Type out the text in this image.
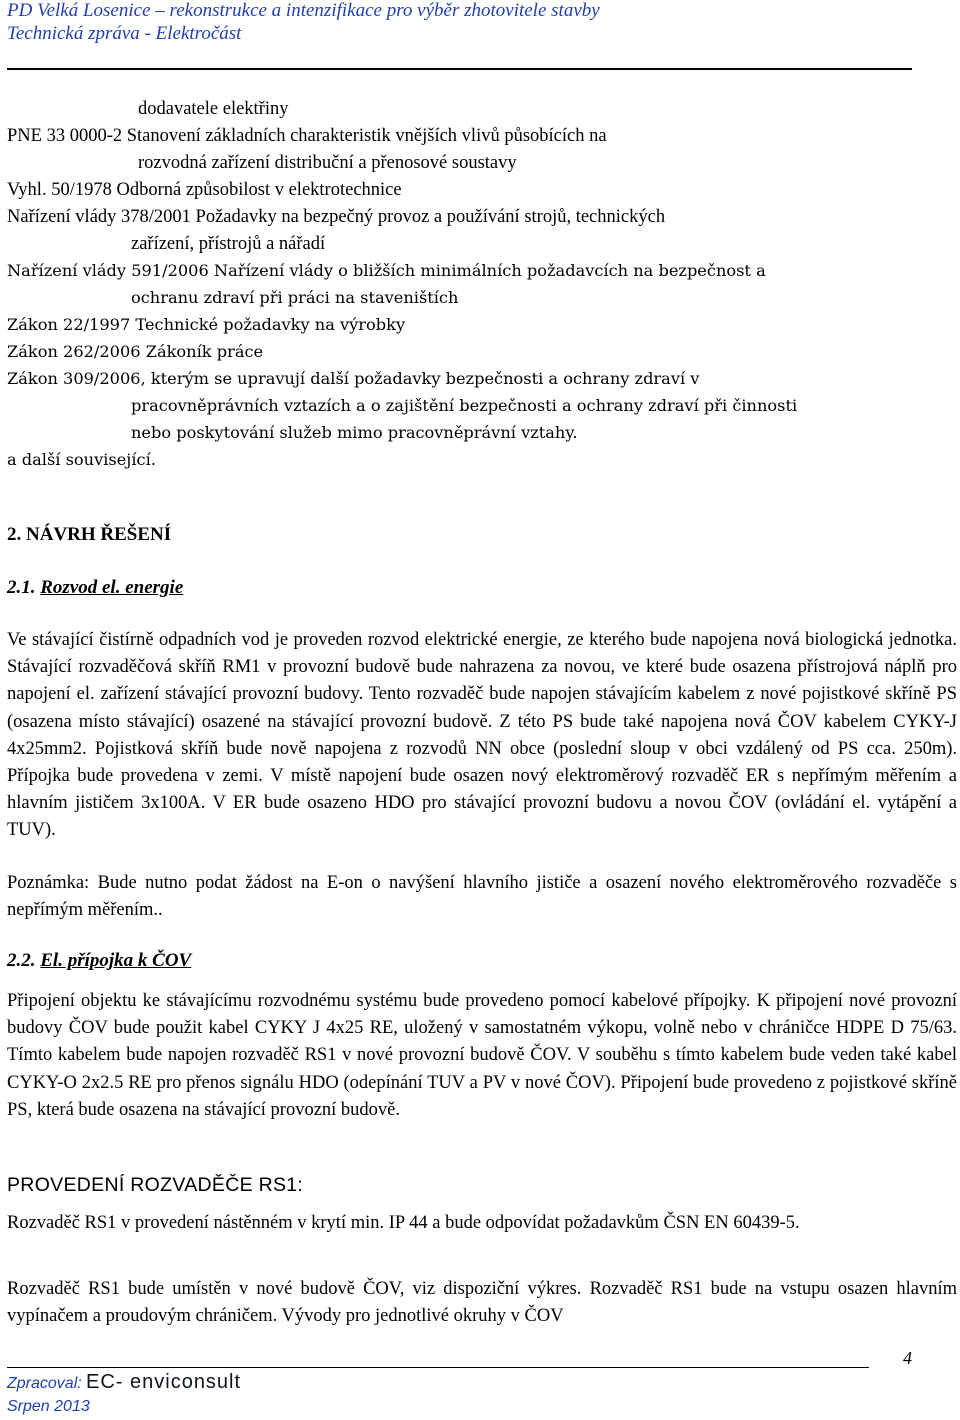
PD Velká Losenice – rekonstrukce a intenzifikace pro výběr zhotovitele stavby
Technická zpráva - Elektročást
dodavatele elektřiny
PNE 33 0000-2 Stanovení základních charakteristik vnějších vlivů působících na
rozvodná zařízení distribuční a přenosové soustavy
Vyhl. 50/1978 Odborná způsobilost v elektrotechnice
Nařízení vlády 378/2001 Požadavky na bezpečný provoz a používání strojů, technických
zařízení, přístrojů a nářadí
Nařízení vlády 591/2006 Nařízení vlády o bližších minimálních požadavcích na bezpečnost a
ochranu zdraví při práci na staveništích
Zákon 22/1997 Technické požadavky na výrobky
Zákon 262/2006 Zákoník práce
Zákon 309/2006, kterým se upravují další požadavky bezpečnosti a ochrany zdraví v
pracovněprávních vztazích a o zajištění bezpečnosti a ochrany zdraví při činnosti
nebo poskytování služeb mimo pracovněprávní vztahy.
a další související.
2. NÁVRH ŘEŠENÍ
2.1. Rozvod el. energie
Ve stávající čistírně odpadních vod je proveden rozvod elektrické energie, ze kterého bude napojena nová biologická jednotka. Stávající rozvaděčová skříň RM1 v provozní budově bude nahrazena za novou, ve které bude osazena přístrojová náplň pro napojení el. zařízení stávající provozní budovy. Tento rozvaděč bude napojen stávajícím kabelem z nové pojistkové skříně PS (osazena místo stávající) osazené na stávající provozní budově. Z této PS bude také napojena nová ČOV kabelem CYKY-J 4x25mm2. Pojistková skříň bude nově napojena z rozvodů NN obce (poslední sloup v obci vzdálený od PS cca. 250m). Přípojka bude provedena v zemi. V místě napojení bude osazen nový elektroměrový rozvaděč ER s nepřímým měřením a hlavním jističem 3x100A. V ER bude osazeno HDO pro stávající provozní budovu a novou ČOV (ovládání el. vytápění a TUV).
Poznámka: Bude nutno podat žádost na E-on o navýšení hlavního jističe a osazení nového elektroměrového rozvaděče s nepřímým měřením..
2.2. El. přípojka k ČOV
Připojení objektu ke stávajícímu rozvodnému systému bude provedeno pomocí kabelové přípojky. K připojení nové provozní budovy ČOV bude použit kabel CYKY J 4x25 RE, uložený v samostatném výkopu, volně nebo v chráničce HDPE D 75/63. Tímto kabelem bude napojen rozvaděč RS1 v nové provozní budově ČOV. V souběhu s tímto kabelem bude veden také kabel CYKY-O 2x2.5 RE pro přenos signálu HDO (odepínání TUV a PV v nové ČOV). Připojení bude provedeno z pojistkové skříně PS, která bude osazena na stávající provozní budově.
PROVEDENÍ ROZVADĚČE RS1:
Rozvaděč RS1 v provedení nástěnném v krytí min. IP 44 a bude odpovídat požadavkům ČSN EN 60439-5.
Rozvaděč RS1 bude umístěn v nové budově ČOV, viz dispoziční výkres. Rozvaděč RS1 bude na vstupu osazen hlavním vypínačem a proudovým chráničem. Výv​ody pro jednotlivé okruhy v ČOV
4
Zpracoval: EC- enviconsult
Srpen 2013
